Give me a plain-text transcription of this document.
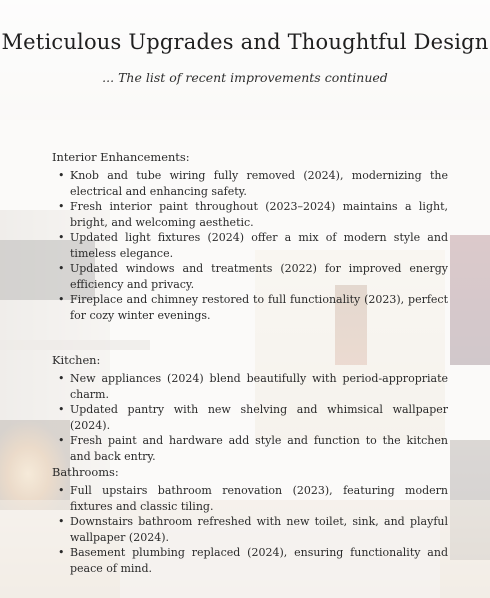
Meticulous Upgrades and Thoughtful Design

... The list of recent improvements continued

Interior Enhancements:

• Knob and tube wiring fully removed (2024), modernizing the electrical and enhancing safety.
• Fresh interior paint throughout (2023–2024) maintains a light, bright, and welcoming aesthetic.
• Updated light fixtures (2024) offer a mix of modern style and timeless elegance.
• Updated windows and treatments (2022) for improved energy efficiency and privacy.
• Fireplace and chimney restored to full functionality (2023), perfect for cozy winter evenings.

Kitchen:

• New appliances (2024) blend beautifully with period-appropriate charm.
• Updated pantry with new shelving and whimsical wallpaper (2024).
• Fresh paint and hardware add style and function to the kitchen and back entry.

Bathrooms:

• Full upstairs bathroom renovation (2023), featuring modern fixtures and classic tiling.
• Downstairs bathroom refreshed with new toilet, sink, and playful wallpaper (2024).
• Basement plumbing replaced (2024), ensuring functionality and peace of mind.
